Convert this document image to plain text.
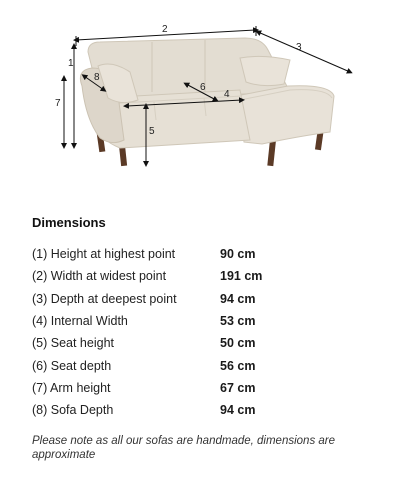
1
2
3
4
5
6
7
8
Dimensions
(1) Height at highest point	90 cm
(2) Width at widest point	191 cm
(3) Depth at deepest point	94 cm
(4) Internal Width	53 cm
(5) Seat height	50 cm
(6) Seat depth	56 cm
(7) Arm height	67 cm
(8) Sofa Depth	94 cm
Please note as all our sofas are handmade, dimensions are approximate
